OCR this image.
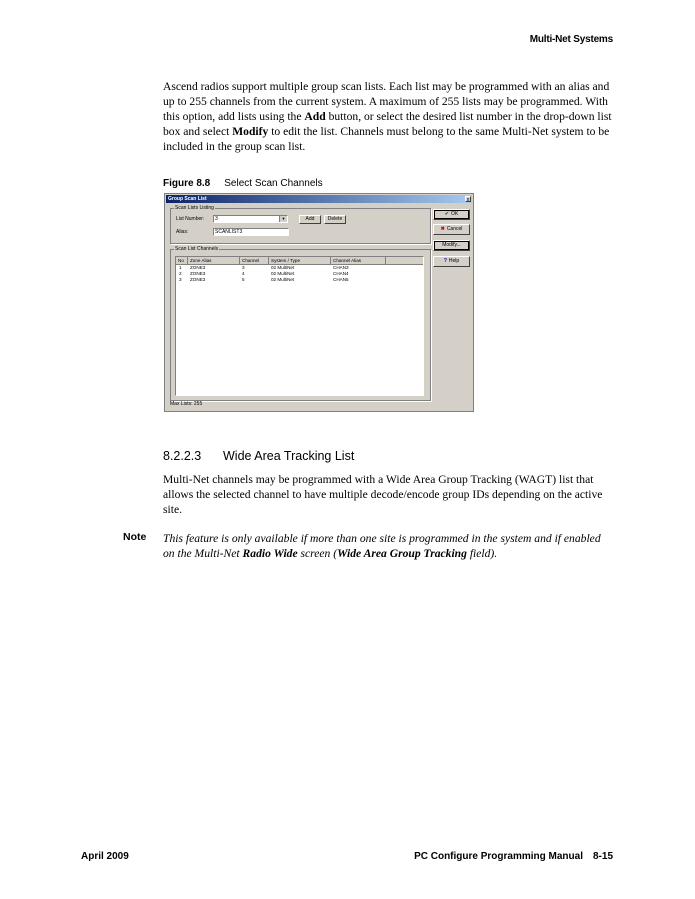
Multi-Net Systems
Ascend radios support multiple group scan lists. Each list may be programmed with an alias and up to 255 channels from the current system. A maximum of 255 lists may be programmed. With this option, add lists using the Add button, or select the desired list number in the drop-down list box and select Modify to edit the list. Channels must belong to the same Multi-Net system to be included in the group scan list.
Figure 8.8 Select Scan Channels
Group Scan List	x
Scan Lists Listing
List Number:	3	▼	Add	Delete
Alias:	SCANLIST3
Scan List Channels
No	Zone Alias	Channel	System / Type	Channel Alias
1 ZONE3	3	02 MultiNet	CHAN3
2 ZONE3	4	02 MultiNet	CHAN4
3 ZONE3	5	02 MultiNet	CHAN5
✔ OK
✖ Cancel
Modify...
? Help
Max Lists: 255
8.2.2.3 Wide Area Tracking List
Multi-Net channels may be programmed with a Wide Area Group Tracking (WAGT) list that allows the selected channel to have multiple decode/encode group IDs depending on the active site.
Note This feature is only available if more than one site is programmed in the system and if enabled on the Multi-Net Radio Wide screen (Wide Area Group Tracking field).
April 2009	PC Configure Programming Manual 8-15
